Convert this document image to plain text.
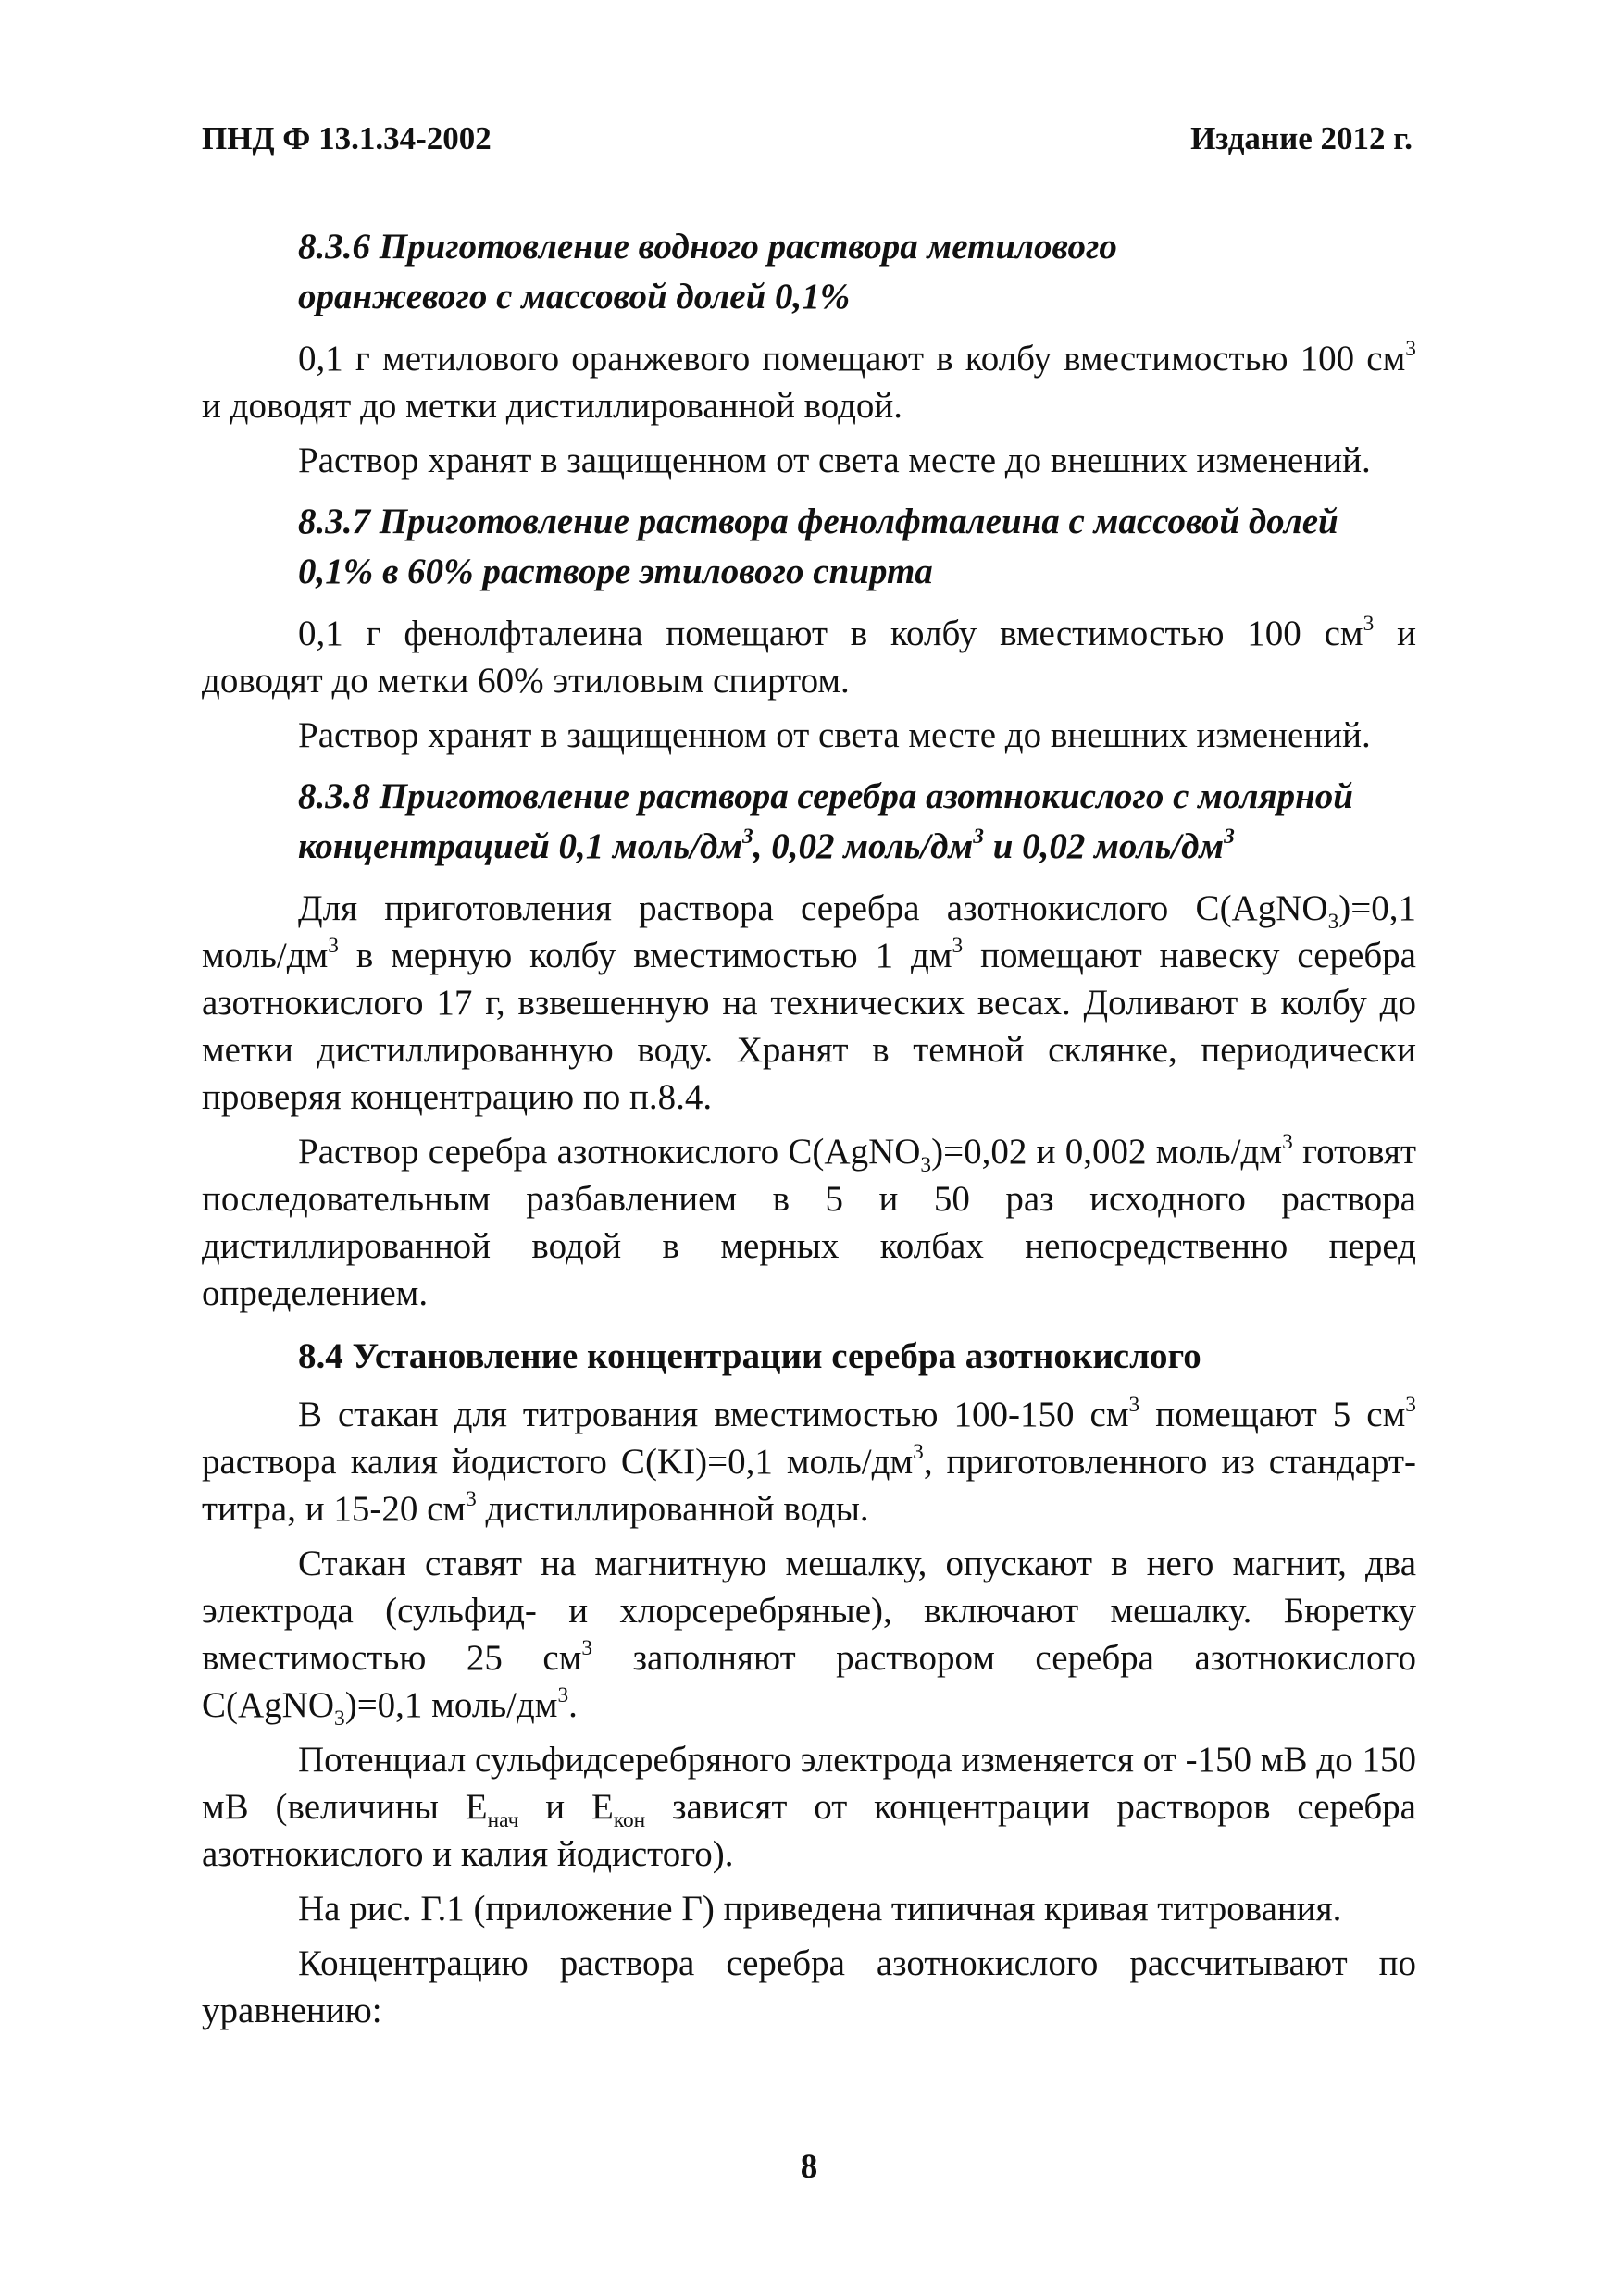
ПНД Ф 13.1.34-2002	Издание 2012 г.
8.3.6 Приготовление водного раствора метилового
оранжевого с массовой долей 0,1%

0,1 г метилового оранжевого помещают в колбу вместимостью 100 $см^3$ и доводят до метки дистиллированной водой.

Раствор хранят в защищенном от света месте до внешних изменений.

8.3.7 Приготовление раствора фенолфталеина с массовой долей
0,1% в 60% растворе этилового спирта

0,1 г фенолфталеина помещают в колбу вместимостью 100 $см^3$ и доводят до метки 60% этиловым спиртом.

Раствор хранят в защищенном от света месте до внешних изменений.

8.3.8 Приготовление раствора серебра азотнокислого с молярной
концентрацией 0,1 моль/$дм^3$, 0,02 моль/$дм^3$ и 0,02 моль/$дм^3$

Для приготовления раствора серебра азотнокислого C(AgNO$_3$)=0,1 моль/$дм^3$ в мерную колбу вместимостью 1 $дм^3$ помещают навеску серебра азотнокислого 17 г, взвешенную на технических весах. Доливают в колбу до метки дистиллированную воду. Хранят в темной склянке, периодически проверяя концентрацию по п.8.4.

Раствор серебра азотнокислого C(AgNO$_3$)=0,02 и 0,002 моль/$дм^3$ готовят последовательным разбавлением в 5 и 50 раз исходного раствора дистиллированной водой в мерных колбах непосредственно перед определением.

8.4 Установление концентрации серебра азотнокислого

В стакан для титрования вместимостью 100-150 $см^3$ помещают 5 $см^3$ раствора калия йодистого C(KI)=0,1 моль/$дм^3$, приготовленного из стандарт-титра, и 15-20 $см^3$ дистиллированной воды.

Стакан ставят на магнитную мешалку, опускают в него магнит, два электрода (сульфид- и хлорсеребряные), включают мешалку. Бюретку вместимостью 25 $см^3$ заполняют раствором серебра азотнокислого C(AgNO$_3$)=0,1 моль/$дм^3$.

Потенциал сульфидсеребряного электрода изменяется от -150 мВ до 150 мВ (величины $E_{нач}$ и $E_{кон}$ зависят от концентрации растворов серебра азотнокислого и калия йодистого).

На рис. Г.1 (приложение Г) приведена типичная кривая титрования.

Концентрацию раствора серебра азотнокислого рассчитывают по уравнению:

8
